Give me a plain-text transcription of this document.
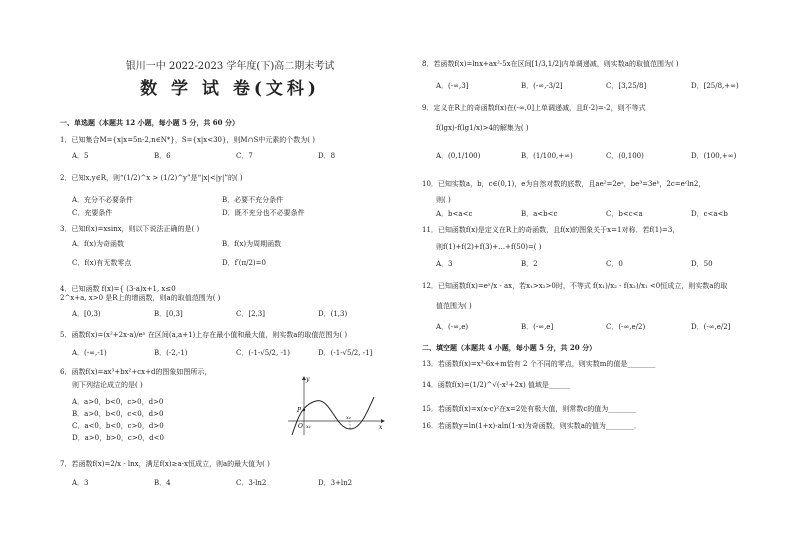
银川一中 2022-2023 学年度(下)高二期末考试
数 学 试 卷(文科)
一、单选题（本题共 12 小题，每小题 5 分，共 60 分）
1．已知集合M={x|x=5n-2,n∈N*}，S={x|x<30}，则M∩S中元素的个数为( )
A．5	B．6	C．7	D．8
2．已知x,y∈R，则“(1/2)^x > (1/2)^y”是“|x|<|y|”的( )
A．充分不必要条件	B．必要不充分条件
C．充要条件	D．既不充分也不必要条件
3．已知f(x)=xsinx，则以下说法正确的是( )
A．f(x)为奇函数	B．f(x)为周期函数
C．f(x)有无数零点	D．f′(π/2)=0
4．已知函数 f(x)={ (3-a)x+1, x≤0
2^x+a, x>0 是R上的增函数，则a的取值范围为( )
A．[0,3)	B．[0,3]	C．[2,3]	D．(1,3)
5．函数f(x)=(x²+2x-a)/eˣ 在区间(a,a+1)上存在最小值和最大值，则实数a的取值范围为( )
A．(-∞,-1)	B．(-2,-1)	C．(-1-√5/2, -1)	D．(-1-√5/2, -1]
6．函数f(x)=ax³+bx²+cx+d的图象如图所示，
则下列结论成立的是( )
A．a>0，b<0，c>0，d>0
B．a>0，b<0，c<0，d>0
C．a<0，b<0，c>0，d>0
D．a>0，b>0，c>0，d<0
y
x
O
P
x₁
x₂
7．若函数f(x)=2/x - lnx，满足f(x)≥a-x恒成立，则a的最大值为( )
A．3	B．4	C．3-ln2	D．3+ln2
8．若函数f(x)=lnx+ax²-5x在区间[1/3,1/2]内单调递减，则实数a的取值范围为( )
A．(-∞,3]	B．(-∞,-3/2]	C．[3,25/8]	D．[25/8,+∞)
9．定义在R上的奇函数f(x)在(-∞,0]上单调递减，且f(-2)=-2，则不等式
f(lgx)-f(lg1/x)>4的解集为( )
A．(0,1/100)	B．(1/100,+∞)	C．(0,100)	D．(100,+∞)
10．已知实数a，b，c∈(0,1)，e为自然对数的底数，且ae²=2eᵃ，be³=3eᵇ，2c=eᶜln2，
则( )
A．b<a<c	B．a<b<c	C．b<c<a	D．c<a<b
11．已知函数f(x)是定义在R上的奇函数，且f(x)的图象关于x=1对称．若f(1)=3，
则f(1)+f(2)+f(3)+…+f(50)=( )
A．3	B．2	C．0	D．50
12．已知函数f(x)=eˣ/x - ax，若x₁>x₂>0时，不等式 f(x₁)/x₂ - f(x₂)/x₁ <0恒成立，则实数a的取
值范围为( )
A．(-∞,e)	B．(-∞,e]	C．(-∞,e/2)	D．(-∞,e/2]
二、填空题（本题共 4 小题，每小题 5 分，共 20 分）
13．若函数f(x)=x³-6x+m恰有 2 个不同的零点，则实数m的值是________
14．函数f(x)=(1/2)^√(-x²+2x) 值域是______
15．若函数f(x)=x(x-c)²在x=2处有极大值，则常数c的值为________
16．若函数y=ln(1+x)-aln(1-x)为奇函数，则实数a的值为________．
